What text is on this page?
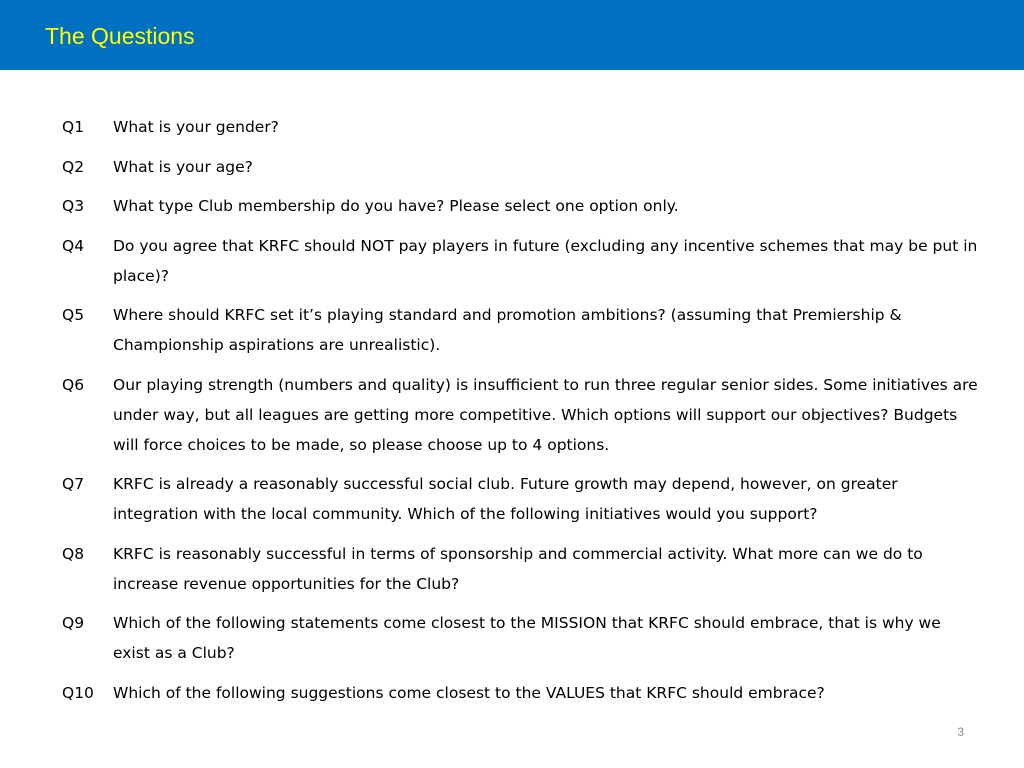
The Questions
Q1	What is your gender?
Q2	What is your age?
Q3	What type Club membership do you have? Please select one option only.
Q4	Do you agree that KRFC should NOT pay players in future (excluding any incentive schemes that may be put in place)?
Q5	Where should KRFC set it’s playing standard and promotion ambitions? (assuming that Premiership & Championship aspirations are unrealistic).
Q6	Our playing strength (numbers and quality) is insufficient to run three regular senior sides. Some initiatives are under way, but all leagues are getting more competitive. Which options will support our objectives? Budgets will force choices to be made, so please choose up to 4 options.
Q7	KRFC is already a reasonably successful social club. Future growth may depend, however, on greater integration with the local community. Which of the following initiatives would you support?
Q8	KRFC is reasonably successful in terms of sponsorship and commercial activity. What more can we do to increase revenue opportunities for the Club?
Q9	Which of the following statements come closest to the MISSION that KRFC should embrace, that is why we exist as a Club?
Q10	Which of the following suggestions come closest to the VALUES that KRFC should embrace?
3
